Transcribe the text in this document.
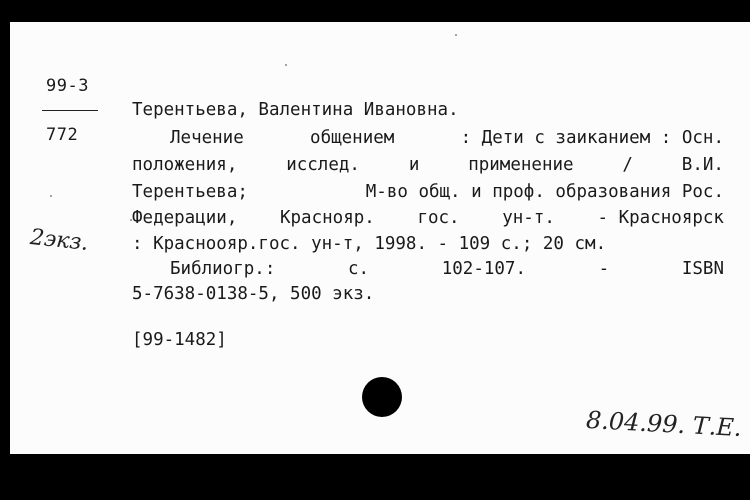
99-3
772
Терентьева, Валентина Ивановна.
Лечение	общением	: Дети с заиканием : Осн.
положения,	исслед.	и	применение	/	В.И.
Терентьева;	М-во общ. и проф. образования Рос.
Федерации, Краснояр. гос. ун-т. - Красноярск
: Красноояр.гос. ун-т, 1998. - 109 с.; 20 см.
Библиогр.:	с.	102-107.	-	ISBN
5-7638-0138-5, 500 экз.
[99-1482]
2экз.
8.04.99. Т.Е.
